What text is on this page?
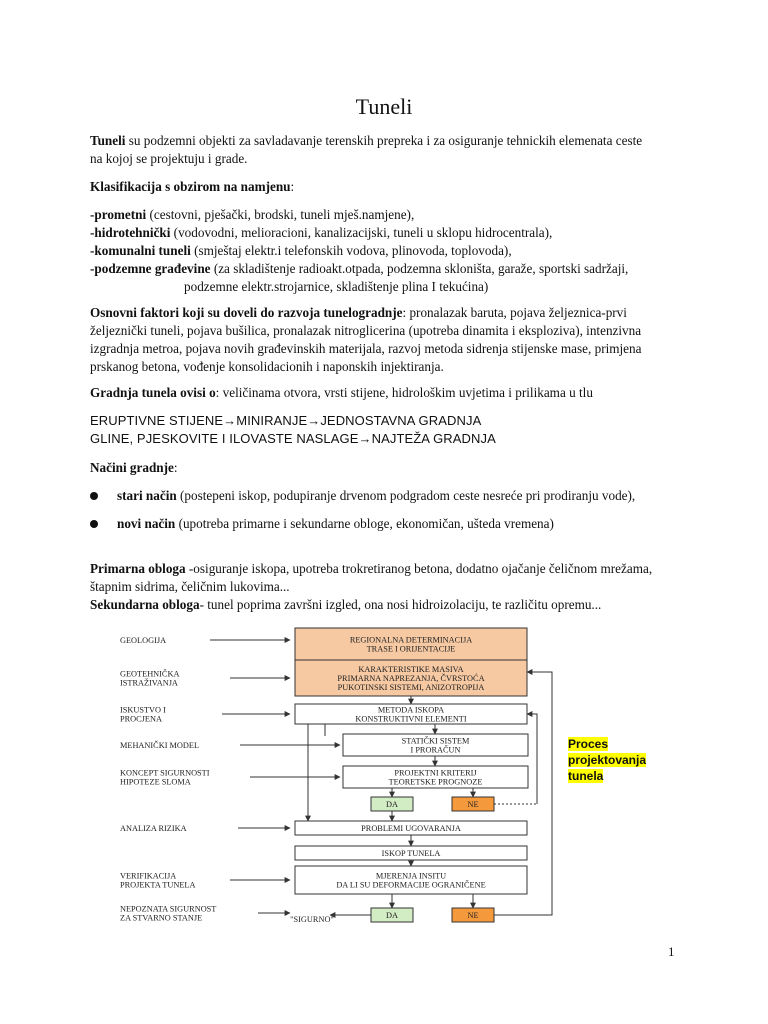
Tuneli

Tuneli su podzemni objekti za savladavanje terenskih prepreka i za osiguranje tehnickih elemenata ceste
na kojoj se projektuju i grade.

Klasifikacija s obzirom na namjenu:

-prometni (cestovni, pješački, brodski, tuneli mješ.namjene),
-hidrotehnički (vodovodni, melioracioni, kanalizacijski, tuneli u sklopu hidrocentrala),
-komunalni tuneli (smještaj elektr.i telefonskih vodova, plinovoda, toplovoda),
-podzemne građevine (za skladištenje radioakt.otpada, podzemna skloništa, garaže, sportski sadržaji,
podzemne elektr.strojarnice, skladištenje plina I tekućina)

Osnovni faktori koji su doveli do razvoja tunelogradnje: pronalazak baruta, pojava željeznica-prvi
željeznički tuneli, pojava bušilica, pronalazak nitroglicerina (upotreba dinamita i eksploziva), intenzivna
izgradnja metroa, pojava novih građevinskih materijala, razvoj metoda sidrenja stijenske mase, primjena
prskanog betona, vođenje konsolidacionih i naponskih injektiranja.

Gradnja tunela ovisi o: veličinama otvora, vrsti stijene, hidrološkim uvjetima i prilikama u tlu

ERUPTIVNE STIJENE→MINIRANJE→JEDNOSTAVNA GRADNJA
GLINE, PJESKOVITE I ILOVASTE NASLAGE→NAJTEŽA GRADNJA

Načini gradnje:

stari način (postepeni iskop, podupiranje drvenom podgradom ceste nesreće pri prodiranju vode),
novi način (upotreba primarne i sekundarne obloge, ekonomičan, ušteda vremena)

Primarna obloga -osiguranje iskopa, upotreba trokretiranog betona, dodatno ojačanje čeličnom mrežama,
štapnim sidrima, čeličnim lukovima...
Sekundarna obloga- tunel poprima završni izgled, ona nosi hidroizolaciju, te različitu opremu...

REGIONALNA DETERMINACIJA
TRASE I ORIJENTACIJE
KARAKTERISTIKE MASIVA
PRIMARNA NAPREZANJA, ČVRSTOĆA
PUKOTINSKI SISTEMI, ANIZOTROPIJA
METODA ISKOPA
KONSTRUKTIVNI ELEMENTI
STATIČKI SISTEM
I PRORAČUN
PROJEKTNI KRITERIJ
TEORETSKE PROGNOZE
PROBLEMI UGOVARANJA
ISKOP TUNELA
MJERENJA INSITU
DA LI SU DEFORMACIJE OGRANIČENE
DA	NE
DA	NE
"SIGURNO"
GEOLOGIJA
GEOTEHNIČKA
ISTRAŽIVANJA
ISKUSTVO I
PROCJENA
MEHANIČKI MODEL
KONCEPT SIGURNOSTI
HIPOTEZE SLOMA
ANALIZA RIZIKA
VERIFIKACIJA
PROJEKTA TUNELA
NEPOZNATA SIGURNOST
ZA STVARNO STANJE
Proces
projektovanja
tunela
1
